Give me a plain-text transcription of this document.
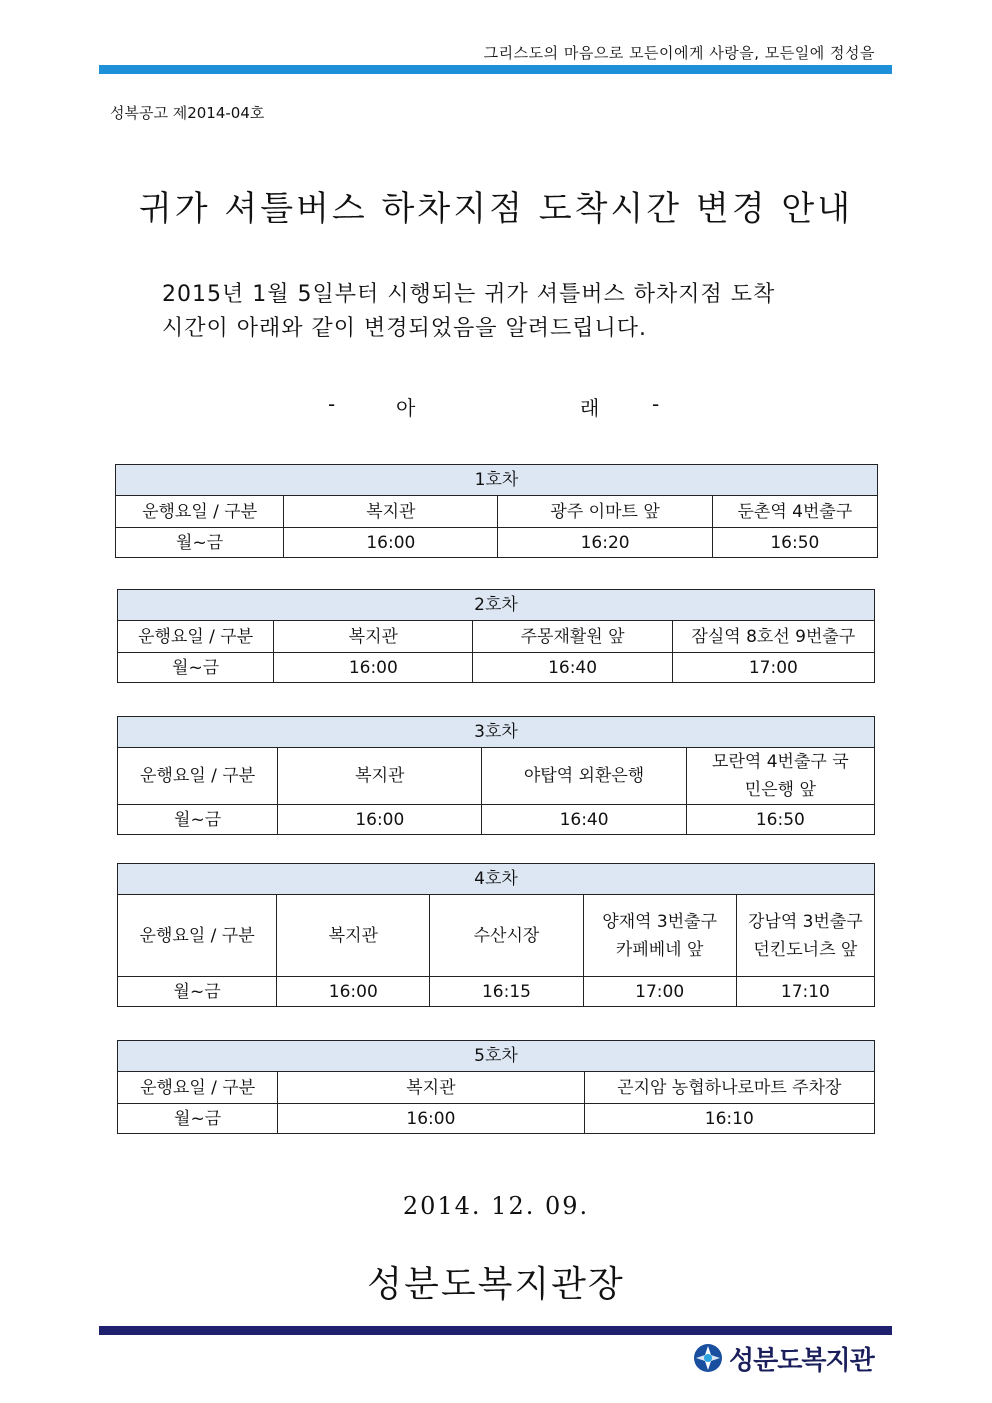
그리스도의 마음으로 모든이에게 사랑을, 모든일에 정성을
성복공고 제2014-04호
귀가 셔틀버스 하차지점 도착시간 변경 안내
2015년 1월 5일부터 시행되는 귀가 셔틀버스 하차지점 도착
시간이 아래와 같이 변경되었음을 알려드립니다.
-	아	래	-
1호차			
운행요일 / 구분	복지관	광주 이마트 앞	둔촌역 4번출구
월~금	16:00	16:20	16:50
2호차			
운행요일 / 구분	복지관	주몽재활원 앞	잠실역 8호선 9번출구
월~금	16:00	16:40	17:00
3호차			
운행요일 / 구분	복지관	야탑역 외환은행	모란역 4번출구 국민은행 앞
월~금	16:00	16:40	16:50
4호차				
운행요일 / 구분	복지관	수산시장	양재역 3번출구 카페베네 앞	강남역 3번출구 던킨도너츠 앞
월~금	16:00	16:15	17:00	17:10
5호차		
운행요일 / 구분	복지관	곤지암 농협하나로마트 주차장
월~금	16:00	16:10
2014. 12. 09.
성분도복지관장
성분도복지관
